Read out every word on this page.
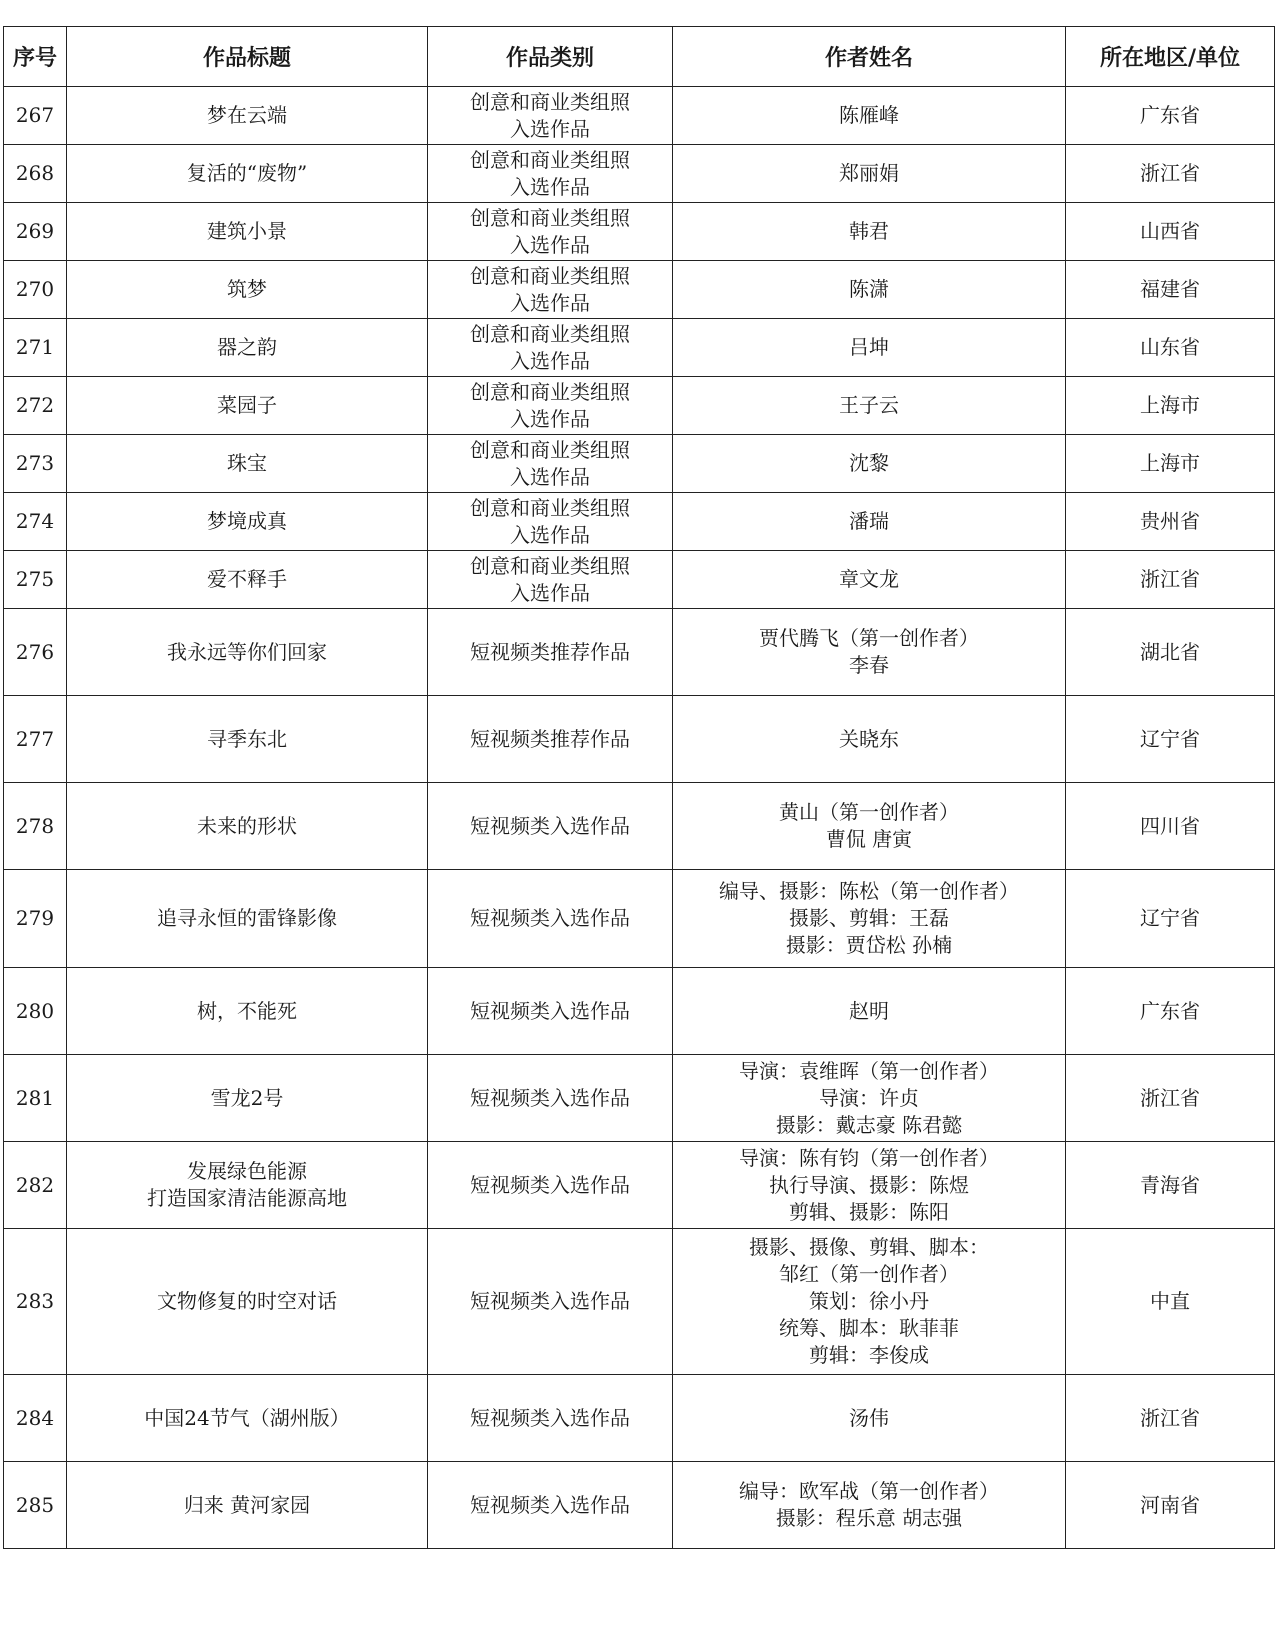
序号	作品标题	作品类别	作者姓名	所在地区/单位
267	梦在云端	创意和商业类组照
入选作品	陈雁峰	广东省
268	复活的“废物”	创意和商业类组照
入选作品	郑丽娟	浙江省
269	建筑小景	创意和商业类组照
入选作品	韩君	山西省
270	筑梦	创意和商业类组照
入选作品	陈潇	福建省
271	器之韵	创意和商业类组照
入选作品	吕坤	山东省
272	菜园子	创意和商业类组照
入选作品	王子云	上海市
273	珠宝	创意和商业类组照
入选作品	沈黎	上海市
274	梦境成真	创意和商业类组照
入选作品	潘瑞	贵州省
275	爱不释手	创意和商业类组照
入选作品	章文龙	浙江省
276	我永远等你们回家	短视频类推荐作品	贾代腾飞（第一创作者）
李春	湖北省
277	寻季东北	短视频类推荐作品	关晓东	辽宁省
278	未来的形状	短视频类入选作品	黄山（第一创作者）
曹侃 唐寅	四川省
279	追寻永恒的雷锋影像	短视频类入选作品	编导、摄影：陈松（第一创作者）
摄影、剪辑：王磊
摄影：贾岱松 孙楠	辽宁省
280	树，不能死	短视频类入选作品	赵明	广东省
281	雪龙2号	短视频类入选作品	导演：袁维晖（第一创作者）
导演：许贞
摄影：戴志豪 陈君懿	浙江省
282	发展绿色能源
打造国家清洁能源高地	短视频类入选作品	导演：陈有钧（第一创作者）
执行导演、摄影：陈煜
剪辑、摄影：陈阳	青海省
283	文物修复的时空对话	短视频类入选作品	摄影、摄像、剪辑、脚本：
邹红（第一创作者）
策划：徐小丹
统筹、脚本：耿菲菲
剪辑：李俊成	中直
284	中国24节气（湖州版）	短视频类入选作品	汤伟	浙江省
285	归来 黄河家园	短视频类入选作品	编导：欧军战（第一创作者）
摄影：程乐意 胡志强	河南省
